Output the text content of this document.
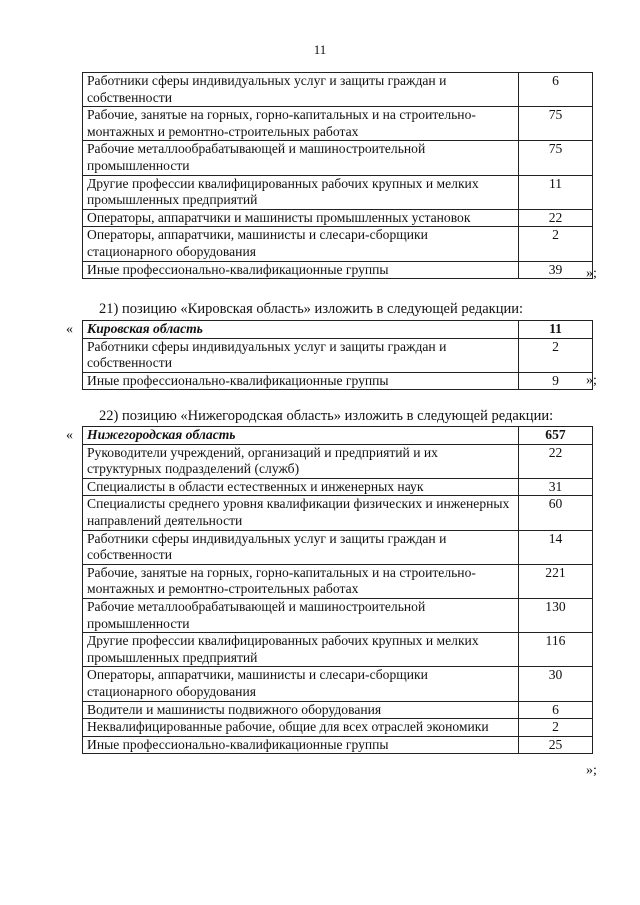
11
Работники сферы индивидуальных услуг и защиты граждан и собственности	6
Рабочие, занятые на горных, горно-капитальных и на строительно-монтажных и ремонтно-строительных работах	75
Рабочие металлообрабатывающей и машиностроительной промышленности	75
Другие профессии квалифицированных рабочих крупных и мелких промышленных предприятий	11
Операторы, аппаратчики и машинисты промышленных установок	22
Операторы, аппаратчики, машинисты и слесари-сборщики стационарного оборудования	2
Иные профессионально-квалификационные группы	39 »;
21) позицию «Кировская область» изложить в следующей редакции:
« Кировская область	11
Работники сферы индивидуальных услуг и защиты граждан и собственности	2
Иные профессионально-квалификационные группы	9 »;
22) позицию «Нижегородская область» изложить в следующей редакции:
« Нижегородская область	657
Руководители учреждений, организаций и предприятий и их структурных подразделений (служб)	22
Специалисты в области естественных и инженерных наук	31
Специалисты среднего уровня квалификации физических и инженерных направлений деятельности	60
Работники сферы индивидуальных услуг и защиты граждан и собственности	14
Рабочие, занятые на горных, горно-капитальных и на строительно-монтажных и ремонтно-строительных работах	221
Рабочие металлообрабатывающей и машиностроительной промышленности	130
Другие профессии квалифицированных рабочих крупных и мелких промышленных предприятий	116
Операторы, аппаратчики, машинисты и слесари-сборщики стационарного оборудования	30
Водители и машинисты подвижного оборудования	6
Неквалифицированные рабочие, общие для всех отраслей экономики	2
Иные профессионально-квалификационные группы	25
»;
